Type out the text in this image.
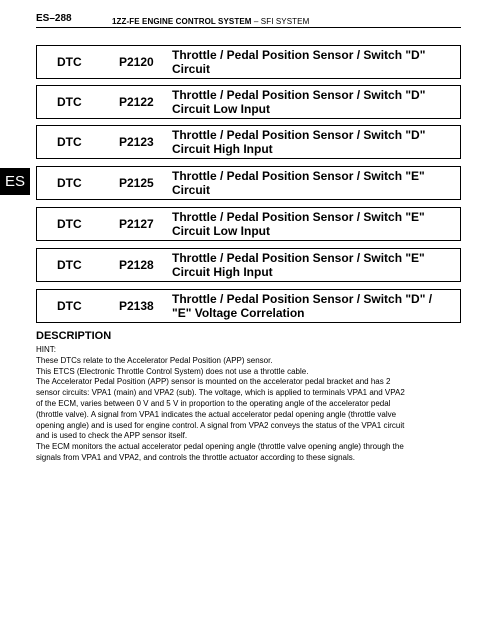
ES–288	1ZZ-FE ENGINE CONTROL SYSTEM – SFI SYSTEM
ES
DTC	P2120 Throttle / Pedal Position Sensor / Switch "D"
Circuit
DTC	P2122 Throttle / Pedal Position Sensor / Switch "D"
Circuit Low Input
DTC	P2123 Throttle / Pedal Position Sensor / Switch "D"
Circuit High Input
DTC	P2125 Throttle / Pedal Position Sensor / Switch "E"
Circuit
DTC	P2127 Throttle / Pedal Position Sensor / Switch "E"
Circuit Low Input
DTC	P2128 Throttle / Pedal Position Sensor / Switch "E"
Circuit High Input
DTC	P2138 Throttle / Pedal Position Sensor / Switch "D" /
"E" Voltage Correlation
DESCRIPTION

HINT:

These DTCs relate to the Accelerator Pedal Position (APP) sensor.

This ETCS (Electronic Throttle Control System) does not use a throttle cable.

The Accelerator Pedal Position (APP) sensor is mounted on the accelerator pedal bracket and has 2

sensor circuits: VPA1 (main) and VPA2 (sub). The voltage, which is applied to terminals VPA1 and VPA2

of the ECM, varies between 0 V and 5 V in proportion to the operating angle of the accelerator pedal

(throttle valve). A signal from VPA1 indicates the actual accelerator pedal opening angle (throttle valve

opening angle) and is used for engine control. A signal from VPA2 conveys the status of the VPA1 circuit

and is used to check the APP sensor itself.

The ECM monitors the actual accelerator pedal opening angle (throttle valve opening angle) through the

signals from VPA1 and VPA2, and controls the throttle actuator according to these signals.
